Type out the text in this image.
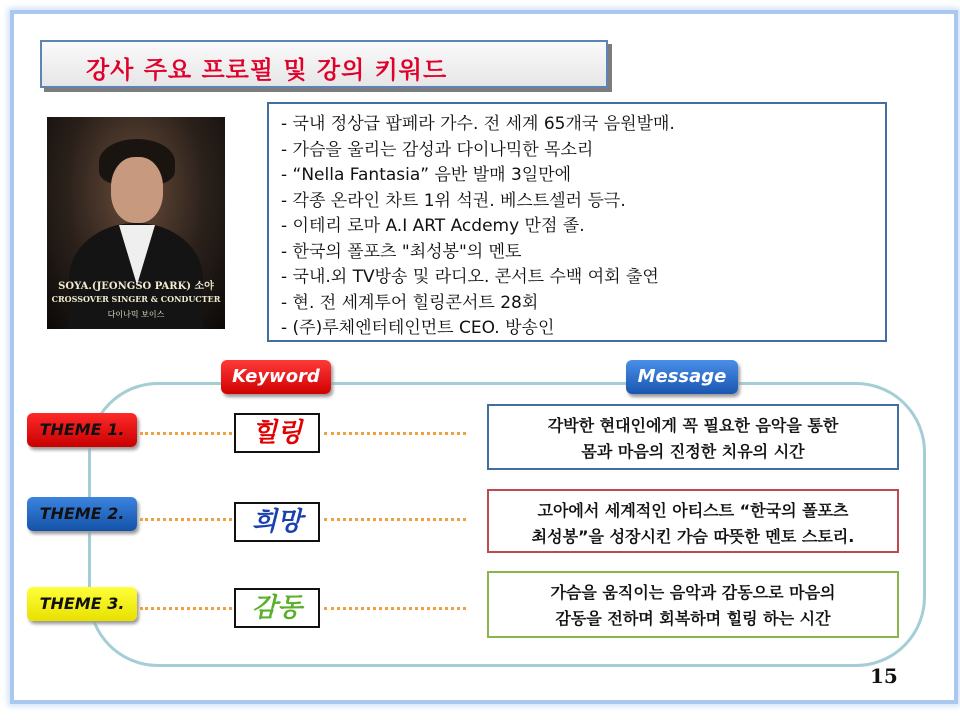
강사 주요 프로필 및 강의 키워드
SOYA.(JEONGSO PARK) 소야
CROSSOVER SINGER & CONDUCTER
다이나믹 보이스
- 국내 정상급 팝페라 가수. 전 세계 65개국 음원발매.
- 가슴을 울리는 감성과 다이나믹한 목소리
- “Nella Fantasia” 음반 발매 3일만에
- 각종 온라인 차트 1위 석권. 베스트셀러 등극.
- 이테리 로마 A.I ART Acdemy 만점 졸.
- 한국의 폴포츠 "최성봉"의 멘토
- 국내.외 TV방송 및 라디오. 콘서트 수백 여회 출연
- 현. 전 세계투어 힐링콘서트 28회
- (주)루체엔터테인먼트 CEO. 방송인
Keyword	Message
THEME 1.	힐링	각박한 현대인에게 꼭 필요한 음악을 통한
몸과 마음의 진정한 치유의 시간
THEME 2.	희망	고아에서 세계적인 아티스트 “한국의 폴포츠
최성봉”을 성장시킨 가슴 따뜻한 멘토 스토리.
THEME 3.	감동
가슴을 움직이는 음악과 감동으로 마음의
감동을 전하며 회복하며 힐링 하는 시간
15
